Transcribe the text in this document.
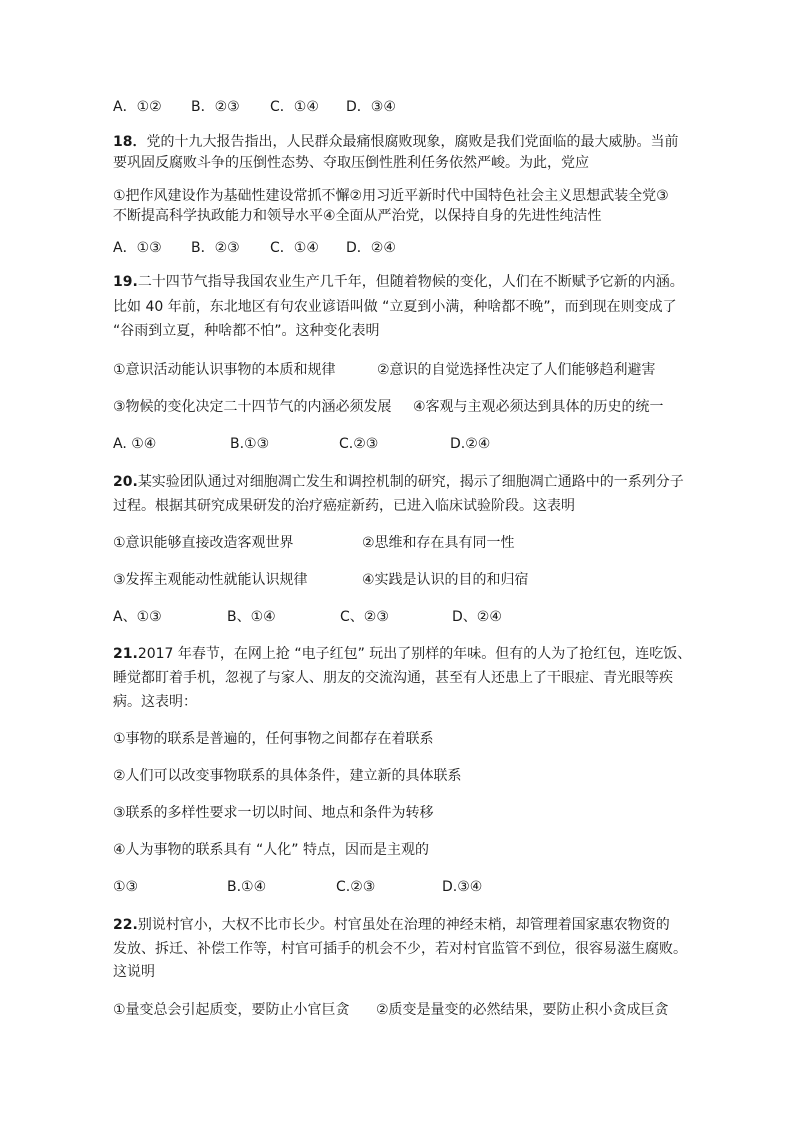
A．①② B．②③ C．①④ D．③④
18．党的十九大报告指出，人民群众最痛恨腐败现象，腐败是我们党面临的最大威胁。当前
要巩固反腐败斗争的压倒性态势、夺取压倒性胜利任务依然严峻。为此，党应
①把作风建设作为基础性建设常抓不懈②用习近平新时代中国特色社会主义思想武装全党③
不断提高科学执政能力和领导水平④全面从严治党，以保持自身的先进性纯洁性
A．①③ B．②③ C．①④ D．②④
19.二十四节气指导我国农业生产几千年，但随着物候的变化，人们在不断赋予它新的内涵。
比如 40 年前，东北地区有句农业谚语叫做 “立夏到小满，种啥都不晚”，而到现在则变成了
“谷雨到立夏，种啥都不怕”。这种变化表明
①意识活动能认识事物的本质和规律	②意识的自觉选择性决定了人们能够趋利避害
③物候的变化决定二十四节气的内涵必须发展 ④客观与主观必须达到具体的历史的统一
A. ①④	B.①③	C.②③	D.②④
20.某实验团队通过对细胞凋亡发生和调控机制的研究，揭示了细胞凋亡通路中的一系列分子
过程。根据其研究成果研发的治疗癌症新药，已进入临床试验阶段。这表明
①意识能够直接改造客观世界	②思维和存在具有同一性
③发挥主观能动性就能认识规律	④实践是认识的目的和归宿
A、①③	B、①④	C、②③	D、②④
21.2017 年春节，在网上抢 “电子红包” 玩出了别样的年味。但有的人为了抢红包，连吃饭、
睡觉都盯着手机，忽视了与家人、朋友的交流沟通，甚至有人还患上了干眼症、青光眼等疾
病。这表明：
①事物的联系是普遍的，任何事物之间都存在着联系
②人们可以改变事物联系的具体条件，建立新的具体联系
③联系的多样性要求一切以时间、地点和条件为转移
④人为事物的联系具有 “人化” 特点，因而是主观的
①③	B.①④	C.②③	D.③④
22.别说村官小，大权不比市长少。村官虽处在治理的神经末梢，却管理着国家惠农物资的
发放、拆迁、补偿工作等，村官可插手的机会不少，若对村官监管不到位，很容易滋生腐败。
这说明
①量变总会引起质变，要防止小官巨贪 ②质变是量变的必然结果，要防止积小贪成巨贪
